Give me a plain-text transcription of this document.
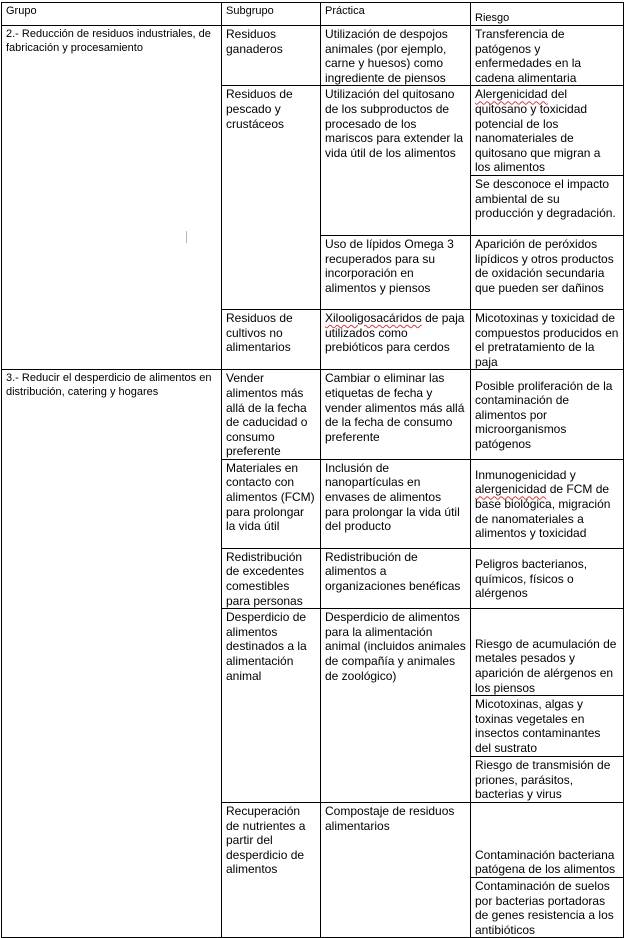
Grupo	Subgrupo	Práctica	Riesgo
2.- Reducción de residuos industriales, de fabricación y procesamiento	Residuos ganaderos	Utilización de despojos animales (por ejemplo, carne y huesos) como ingrediente de piensos	Transferencia de patógenos y enfermedades en la cadena alimentaria
	Residuos de pescado y crustáceos	Utilización del quitosano de los subproductos de procesado de los mariscos para extender la vida útil de los alimentos	Alergenicidad del quitosano y toxicidad potencial de los nanomateriales de quitosano que migran a los alimentos
			Se desconoce el impacto ambiental de su producción y degradación.
		Uso de lípidos Omega 3 recuperados para su incorporación en alimentos y piensos	Aparición de peróxidos lipídicos y otros productos de oxidación secundaria que pueden ser dañinos
	Residuos de cultivos no alimentarios	Xilooligosacáridos de paja utilizados como prebióticos para cerdos	Micotoxinas y toxicidad de compuestos producidos en el pretratamiento de la paja
3.- Reducir el desperdicio de alimentos en distribución, catering y hogares	Vender alimentos más allá de la fecha de caducidad o consumo preferente	Cambiar o eliminar las etiquetas de fecha y vender alimentos más allá de la fecha de consumo preferente	Posible proliferación de la contaminación de alimentos por microorganismos patógenos
	Materiales en contacto con alimentos (FCM) para prolongar la vida útil	Inclusión de nanopartículas en envases de alimentos para prolongar la vida útil del producto	Inmunogenicidad y alergenicidad de FCM de base biológica, migración de nanomateriales a alimentos y toxicidad
	Redistribución de excedentes comestibles para personas	Redistribución de alimentos a organizaciones benéficas	Peligros bacterianos, químicos, físicos o alérgenos
	Desperdicio de alimentos destinados a la alimentación animal	Desperdicio de alimentos para la alimentación animal (incluidos animales de compañía y animales de zoológico)	Riesgo de acumulación de metales pesados y aparición de alérgenos en los piensos
			Micotoxinas, algas y toxinas vegetales en insectos contaminantes del sustrato
			Riesgo de transmisión de priones, parásitos, bacterias y virus
	Recuperación de nutrientes a partir del desperdicio de alimentos	Compostaje de residuos alimentarios	Contaminación bacteriana patógena de los alimentos
			Contaminación de suelos por bacterias portadoras de genes resistencia a los antibióticos
